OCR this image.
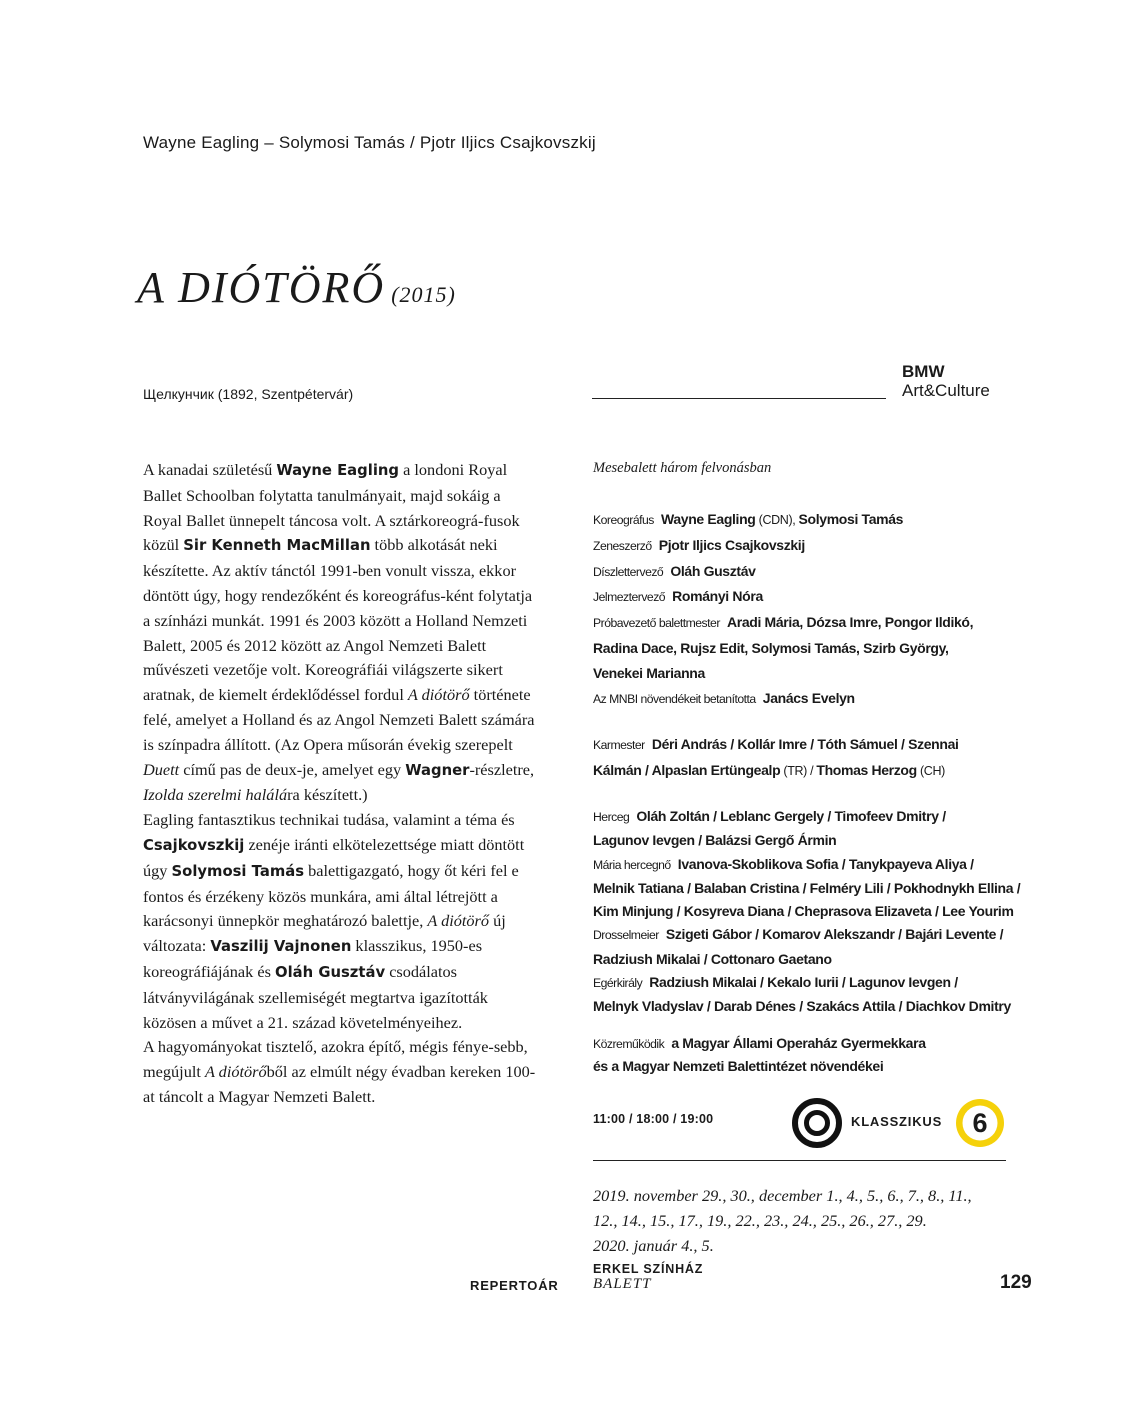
Wayne Eagling – Solymosi Tamás / Pjotr Iljics Csajkovszkij
A DIÓTÖRŐ (2015)
Щелкунчик (1892, Szentpétervár)
BMW
Art&Culture

A kanadai születésű Wayne Eagling a londoni Royal Ballet Schoolban folytatta tanulmányait, majd sokáig a Royal Ballet ünnepelt táncosa volt. A sztárkoreográ-fusok közül Sir Kenneth MacMillan több alkotását neki készítette. Az aktív tánctól 1991-ben vonult vissza, ekkor döntött úgy, hogy rendezőként és koreográfus-ként folytatja a színházi munkát. 1991 és 2003 között a Holland Nemzeti Balett, 2005 és 2012 között az Angol Nemzeti Balett művészeti vezetője volt. Koreográfiái világszerte sikert aratnak, de kiemelt érdeklődéssel fordul A diótörő története felé, amelyet a Holland és az Angol Nemzeti Balett számára is színpadra állított. (Az Opera műsorán évekig szerepelt Duett című pas de deux-je, amelyet egy Wagner-részletre, Izolda szerelmi halálára készített.)

Eagling fantasztikus technikai tudása, valamint a téma és Csajkovszkij zenéje iránti elkötelezettsége miatt döntött úgy Solymosi Tamás balettigazgató, hogy őt kéri fel e fontos és érzékeny közös munkára, ami által létrejött a karácsonyi ünnepkör meghatározó balettje, A diótörő új változata: Vaszilij Vajnonen klasszikus, 1950-es koreográfiájának és Oláh Gusztáv csodálatos látványvilágának szellemiségét megtartva igazították közösen a művet a 21. század követelményeihez.

A hagyományokat tisztelő, azokra építő, mégis fénye-sebb, megújult A diótörőből az elmúlt négy évadban kereken 100-at táncolt a Magyar Nemzeti Balett.

Mesebalett három felvonásban
Koreográfus Wayne Eagling (CDN), Solymosi Tamás
Zeneszerző Pjotr Iljics Csajkovszkij
Díszlettervező Oláh Gusztáv
Jelmeztervező Romány​i Nóra
Próbavezető balettmester Aradi Mária, Dózsa Imre, Pongor Ildikó,
Radina Dace, Rujsz Edit, Solymosi Tamás, Szirb György,
Venekei Marianna
Az MNBI növendékeit betanította Janács Evelyn
Karmester Déri András / Kollár Imre / Tóth Sámuel / Szennai
Kálmán / Alpaslan Ertüngealp (TR) / Thomas Herzog (CH)
Herceg Oláh Zoltán / Leblanc Gergely / Timofeev Dmitry /
Lagunov Ievgen / Balázsi Gergő Ármin
Mária hercegnő Ivanova-Skoblikova Sofia / Tanykpayeva Aliya /
Melnik Tatiana / Balaban Cristina / Felméry Lili / Pokhodnykh Ellina /
Kim Minjung / Kosyreva Diana / Cheprasova Elizaveta / Lee Yourim
Drosselmeier Szigeti Gábor / Komarov Alekszandr / Bajári Levente /
Radziush Mikalai / Cottonaro Gaetano
Egérkirály Radziush Mikalai / Kekalo Iurii / Lagunov Ievgen /
Melnyk Vladyslav / Darab Dénes / Szakács Attila / Diachkov Dmitry
Közreműködik a Magyar Állami Operaház Gyermekkara
és a Magyar Nemzeti Balettintézet növendékei
11:00 / 18:00 / 19:00	KLASSZIKUS	6
2019. november 29., 30., december 1., 4., 5., 6., 7., 8., 11.,
12., 14., 15., 17., 19., 22., 23., 24., 25., 26., 27., 29.
2020. január 4., 5.
ERKEL SZÍNHÁZ
REPERTOÁR BALETT	129
